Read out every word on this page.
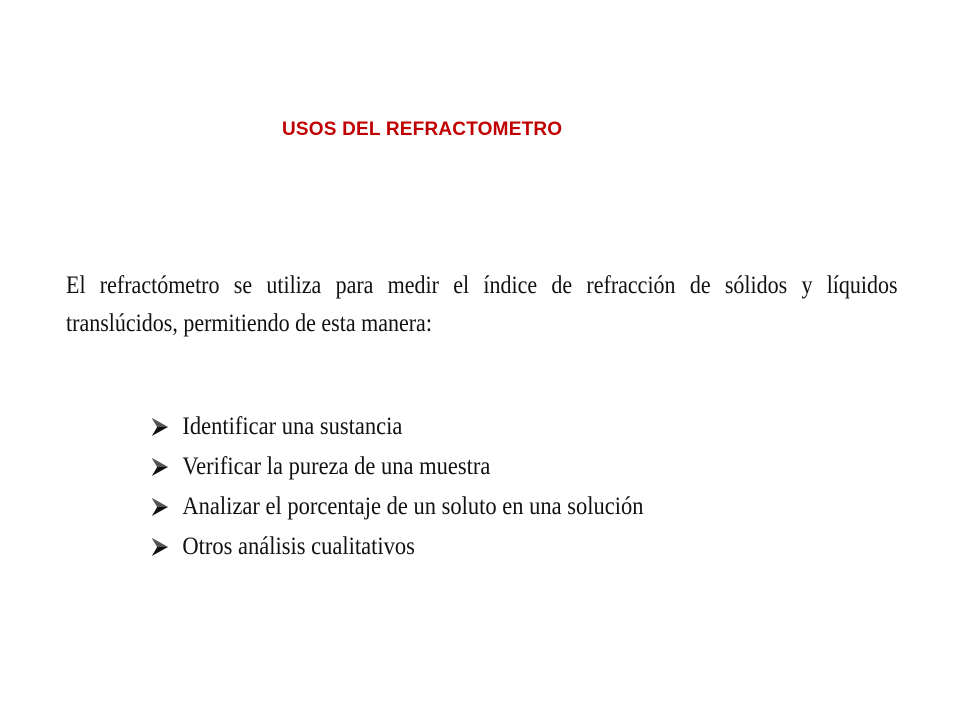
USOS DEL REFRACTOMETRO
El refractómetro se utiliza para medir el índice de refracción de sólidos y líquidos
translúcidos, permitiendo de esta manera:
Identificar una sustancia
Verificar la pureza de una muestra
Analizar el porcentaje de un soluto en una solución
Otros análisis cualitativos
